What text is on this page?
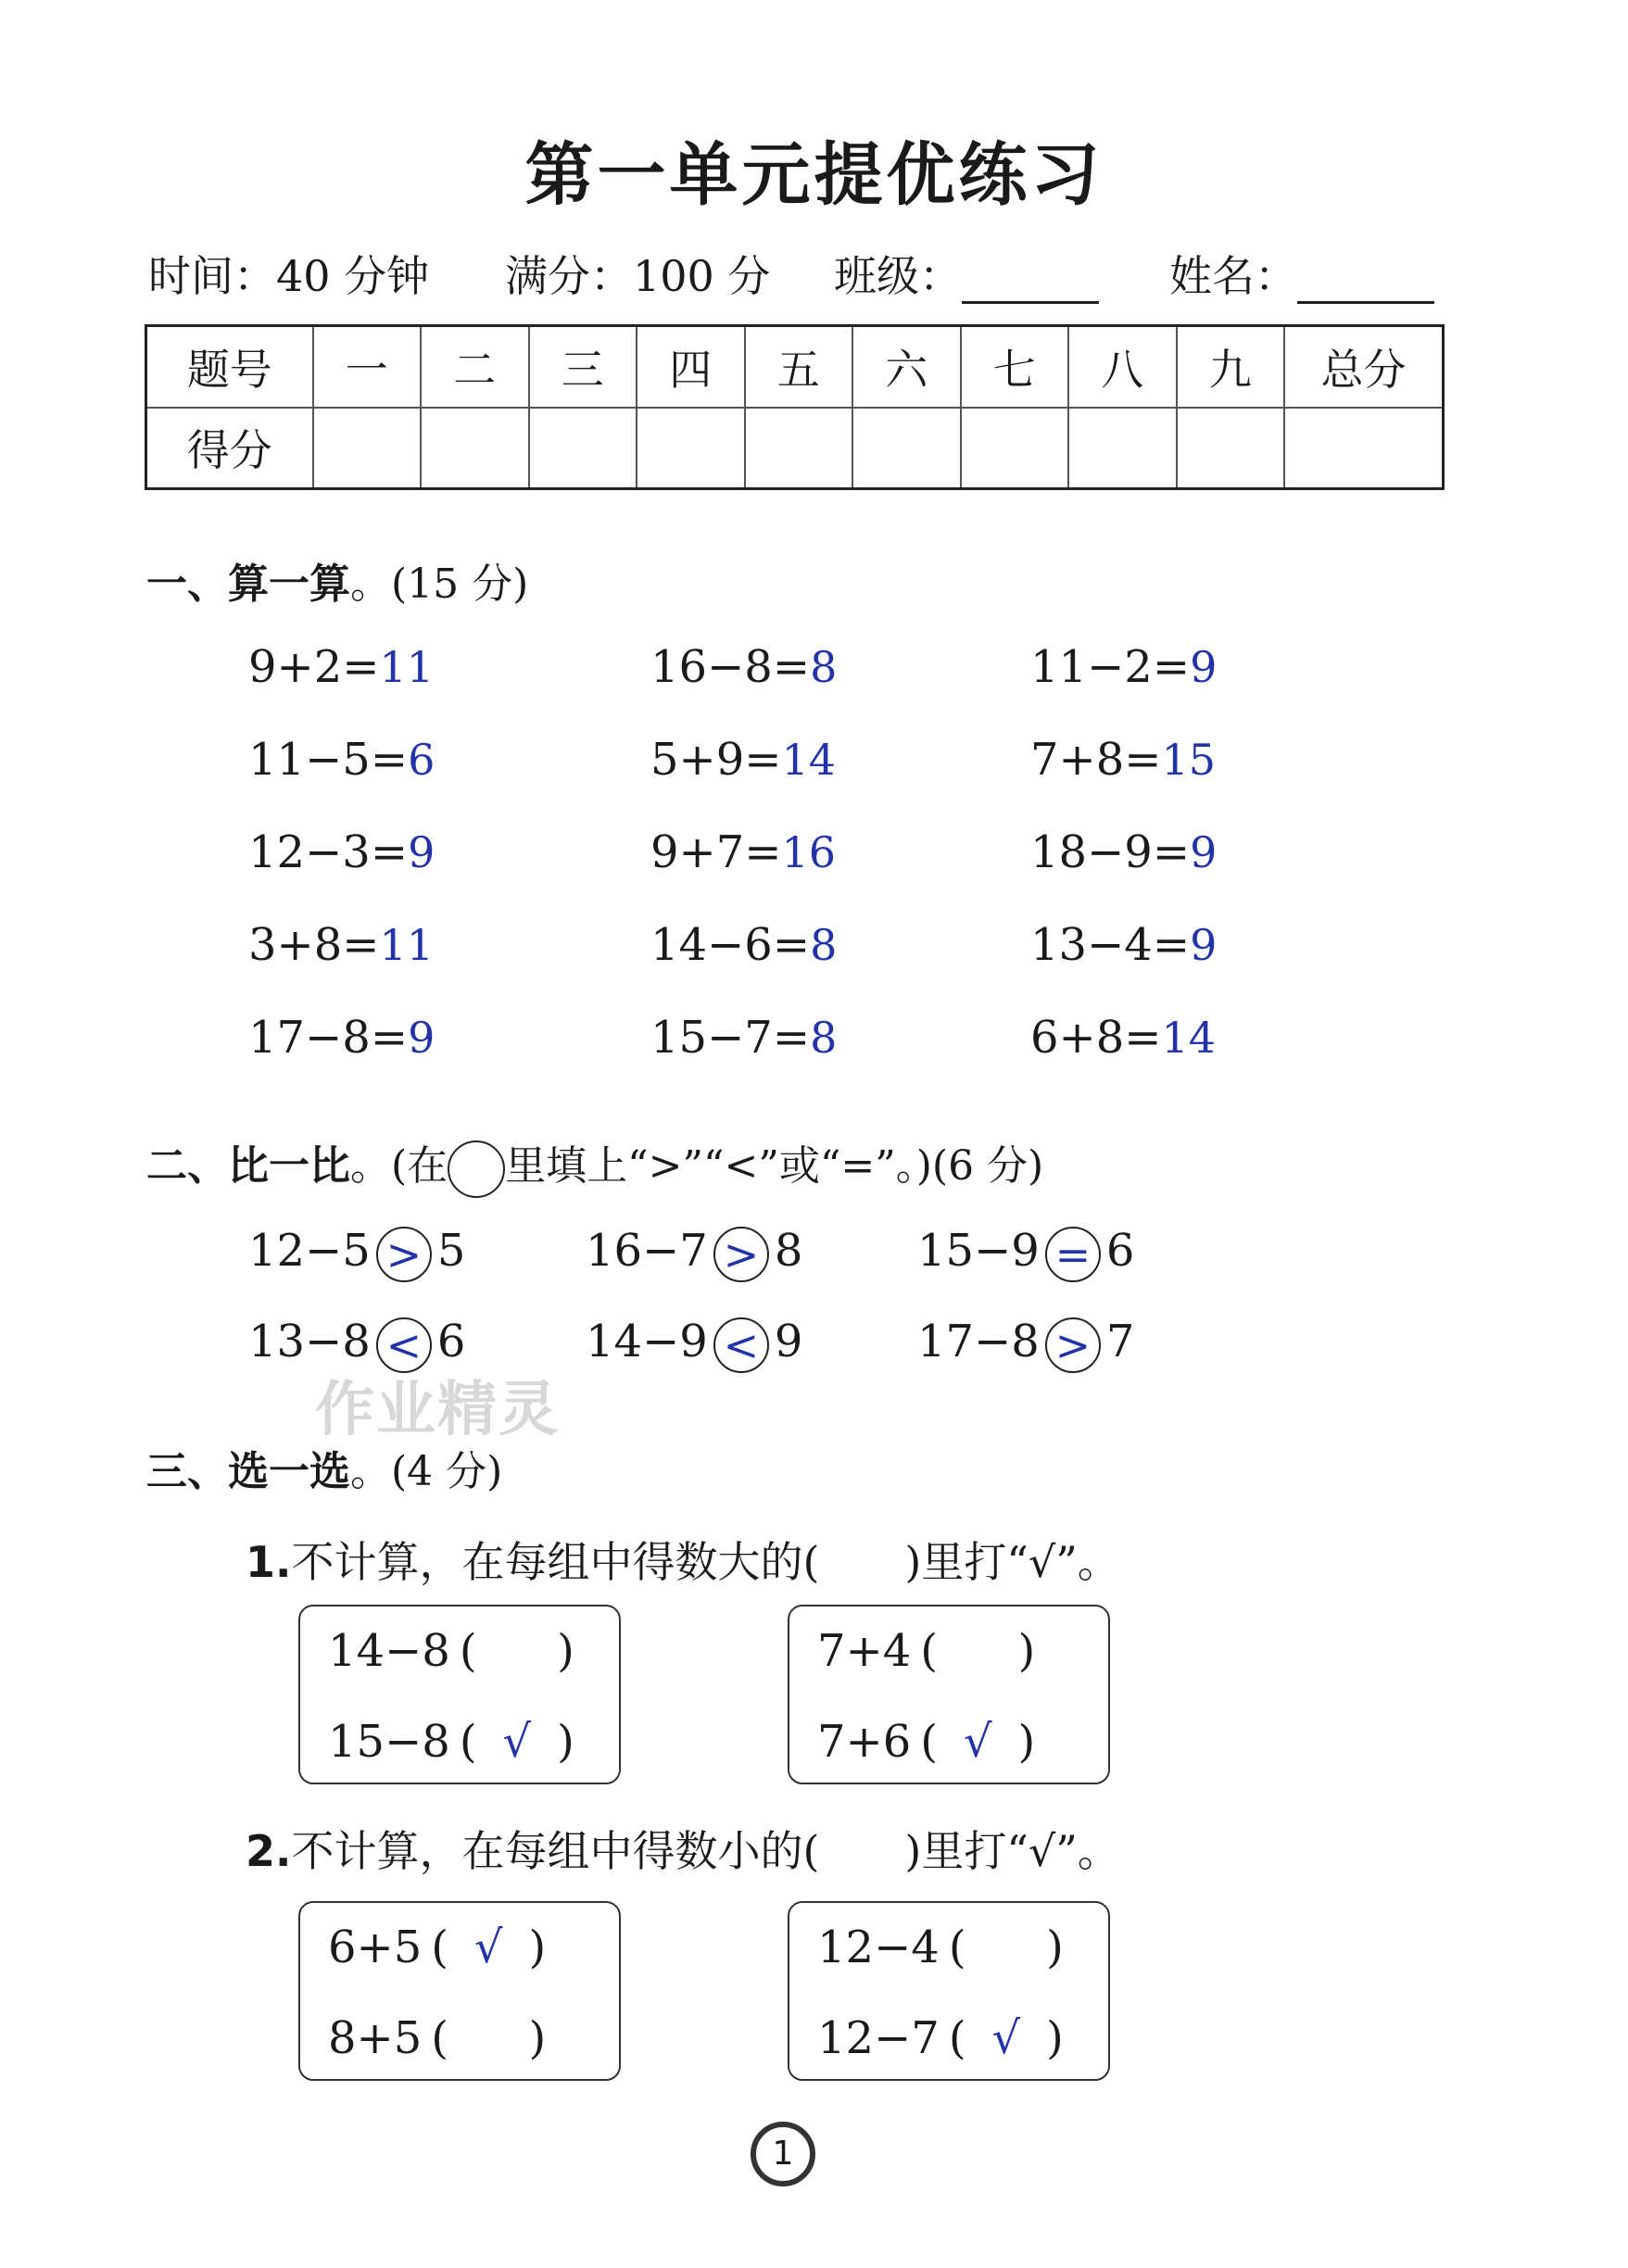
第一单元提优练习
时间：40 分钟 满分：100 分 班级：	姓名：
题号	一	二	三	四	五	六	七	八	九	总分
得分										
一、算一算。(15 分)
9+2=11	16−8=8	11−2=9
11−5=6	5+9=14	7+8=15
12−3=9	9+7=16	18−9=9
3+8=11	14−6=8	13−4=9
17−8=9	15−7=8	6+8=14
二、比一比。(在 里填上“>”“<”或“=”。)(6 分)
12−5 > 5	16−7 > 8	15−9 = 6
13−8 < 6	14−9 < 9	17−8 > 7
作业精灵
三、选一选。(4 分)
1.不计算，在每组中得数大的(　　)里打“√”。
14−8 (  )
15−8 ( √ )
7+4 (  )
7+6 ( √ )
2.不计算，在每组中得数小的(　　)里打“√”。
6+5 ( √ )
8+5 (  )
12−4 (  )
12−7 ( √ )
1
